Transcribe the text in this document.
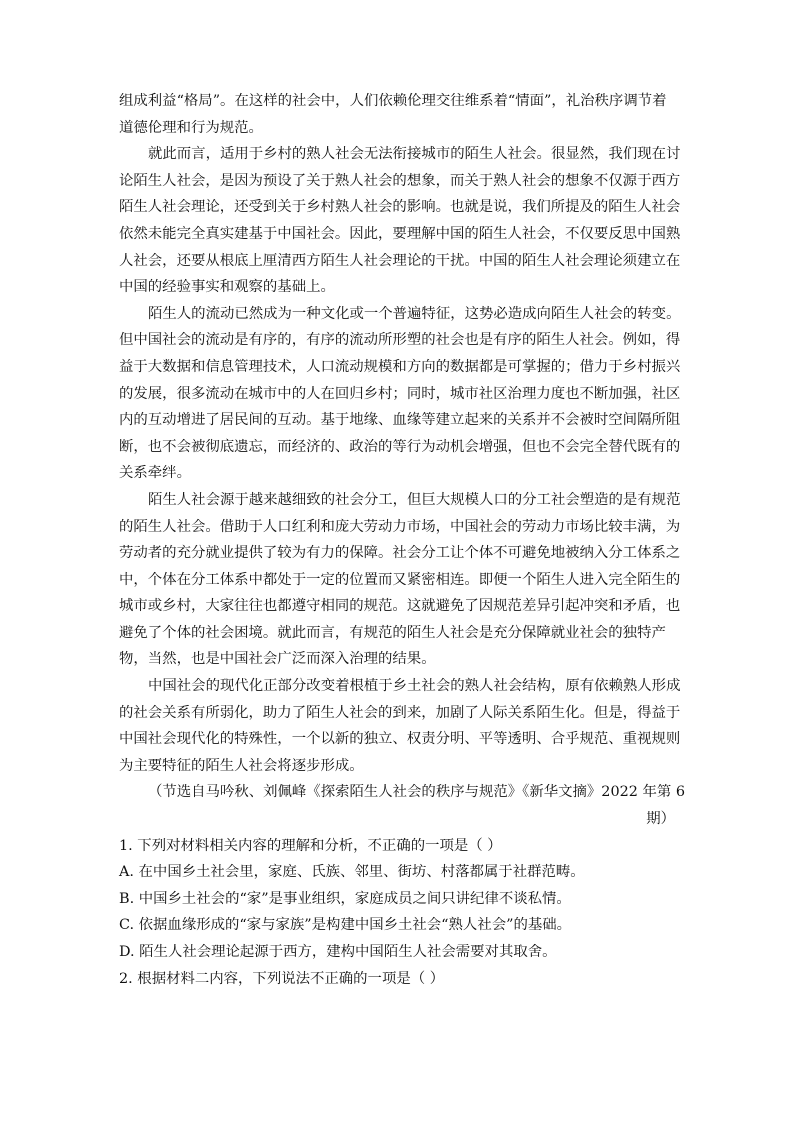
组成利益“格局”。在这样的社会中，人们依赖伦理交往维系着“情面”，礼治秩序调节着

道德伦理和行为规范。

就此而言，适用于乡村的熟人社会无法衔接城市的陌生人社会。很显然，我们现在讨

论陌生人社会，是因为预设了关于熟人社会的想象，而关于熟人社会的想象不仅源于西方

陌生人社会理论，还受到关于乡村熟人社会的影响。也就是说，我们所提及的陌生人社会

依然未能完全真实建基于中国社会。因此，要理解中国的陌生人社会，不仅要反思中国熟

人社会，还要从根底上厘清西方陌生人社会理论的干扰。中国的陌生人社会理论须建立在

中国的经验事实和观察的基础上。

陌生人的流动已然成为一种文化或一个普遍特征，这势必造成向陌生人社会的转变。

但中国社会的流动是有序的，有序的流动所形塑的社会也是有序的陌生人社会。例如，得

益于大数据和信息管理技术，人口流动规模和方向的数据都是可掌握的；借力于乡村振兴

的发展，很多流动在城市中的人在回归乡村；同时，城市社区治理力度也不断加强，社区

内的互动增进了居民间的互动。基于地缘、血缘等建立起来的关系并不会被时空间隔所阻

断，也不会被彻底遗忘，而经济的、政治的等行为动机会增强，但也不会完全替代既有的

关系牵绊。

陌生人社会源于越来越细致的社会分工，但巨大规模人口的分工社会塑造的是有规范

的陌生人社会。借助于人口红利和庞大劳动力市场，中国社会的劳动力市场比较丰满，为

劳动者的充分就业提供了较为有力的保障。社会分工让个体不可避免地被纳入分工体系之

中，个体在分工体系中都处于一定的位置而又紧密相连。即便一个陌生人进入完全陌生的

城市或乡村，大家往往也都遵守相同的规范。这就避免了因规范差异引起冲突和矛盾，也

避免了个体的社会困境。就此而言，有规范的陌生人社会是充分保障就业社会的独特产

物，当然，也是中国社会广泛而深入治理的结果。

中国社会的现代化正部分改变着根植于乡土社会的熟人社会结构，原有依赖熟人形成

的社会关系有所弱化，助力了陌生人社会的到来，加剧了人际关系陌生化。但是，得益于

中国社会现代化的特殊性，一个以新的独立、权责分明、平等透明、合乎规范、重视规则

为主要特征的陌生人社会将逐步形成。

（节选自马吟秋、刘佩峰《探索陌生人社会的秩序与规范》《新华文摘》2022 年第 6

期）

1. 下列对材料相关内容的理解和分析，不正确的一项是（ ）

A. 在中国乡土社会里，家庭、氏族、邻里、街坊、村落都属于社群范畴。

B. 中国乡土社会的“家”是事业组织，家庭成员之间只讲纪律不谈私情。

C. 依据血缘形成的“家与家族”是构建中国乡土社会“熟人社会”的基础。

D. 陌生人社会理论起源于西方，建构中国陌生人社会需要对其取舍。

2. 根据材料二内容，下列说法不正确的一项是（ ）
